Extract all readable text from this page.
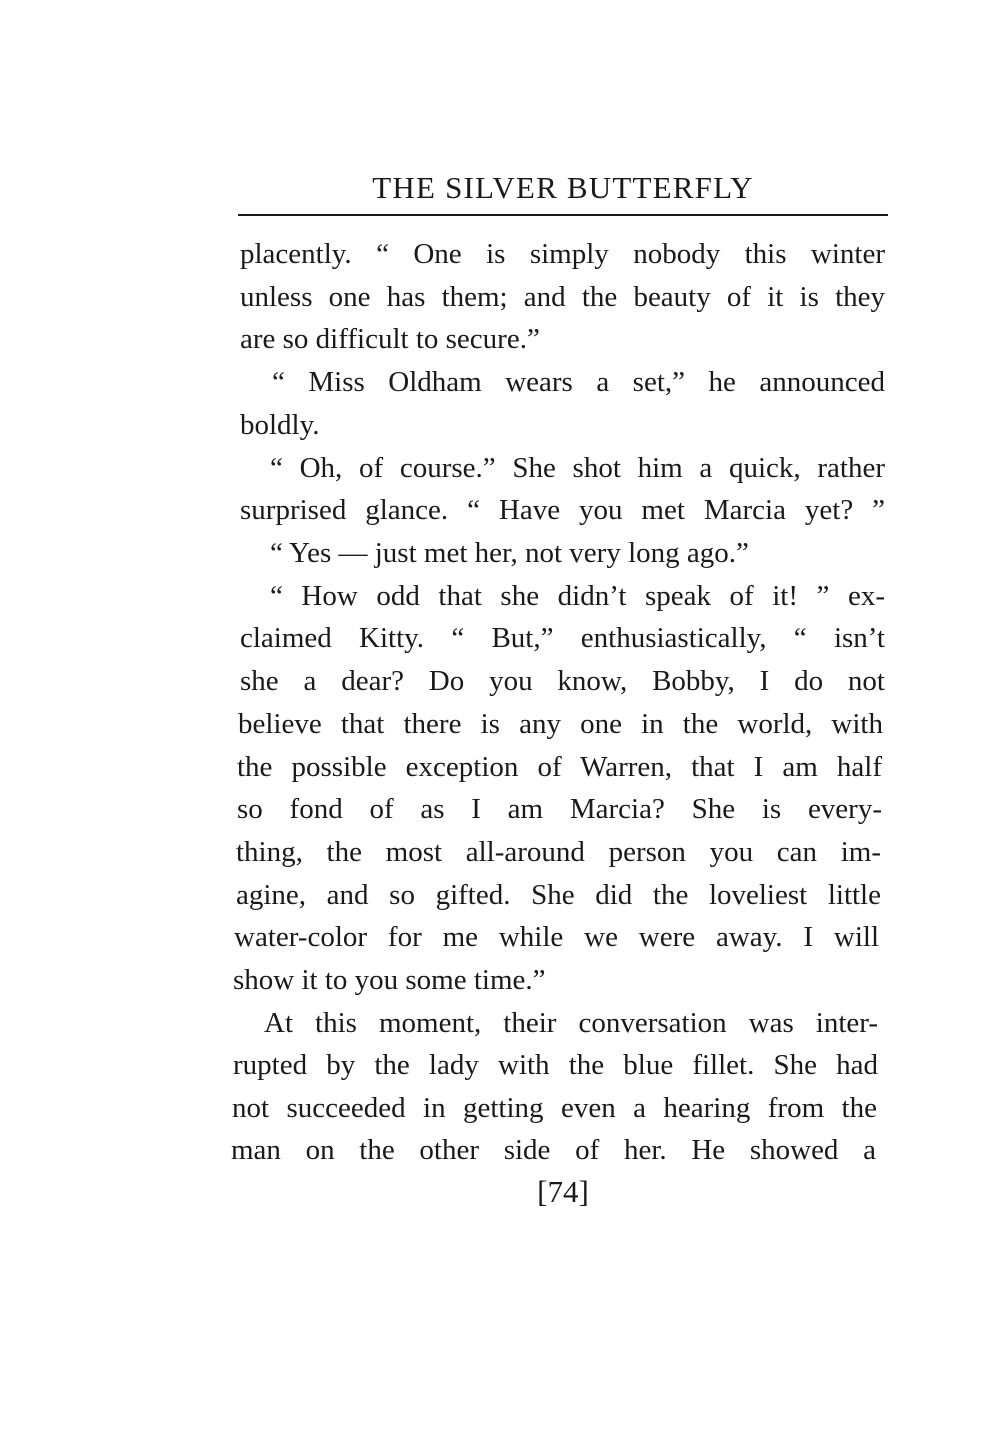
THE SILVER BUTTERFLY
placently. “ One is simply nobody this winter
unless one has them; and the beauty of it is they
are so difficult to secure.”
“ Miss Oldham wears a set,” he announced
boldly.
“ Oh, of course.” She shot him a quick, rather
surprised glance. “ Have you met Marcia yet? ”
“ Yes — just met her, not very long ago.”
“ How odd that she didn’t speak of it! ” ex-
claimed Kitty. “ But,” enthusiastically, “ isn’t
she a dear? Do you know, Bobby, I do not
believe that there is any one in the world, with
the possible exception of Warren, that I am half
so fond of as I am Marcia? She is every-
thing, the most all-around person you can im-
agine, and so gifted. She did the loveliest little
water-color for me while we were away. I will
show it to you some time.”
At this moment, their conversation was inter-
rupted by the lady with the blue fillet. She had
not succeeded in getting even a hearing from the
man on the other side of her. He showed a
[74]
